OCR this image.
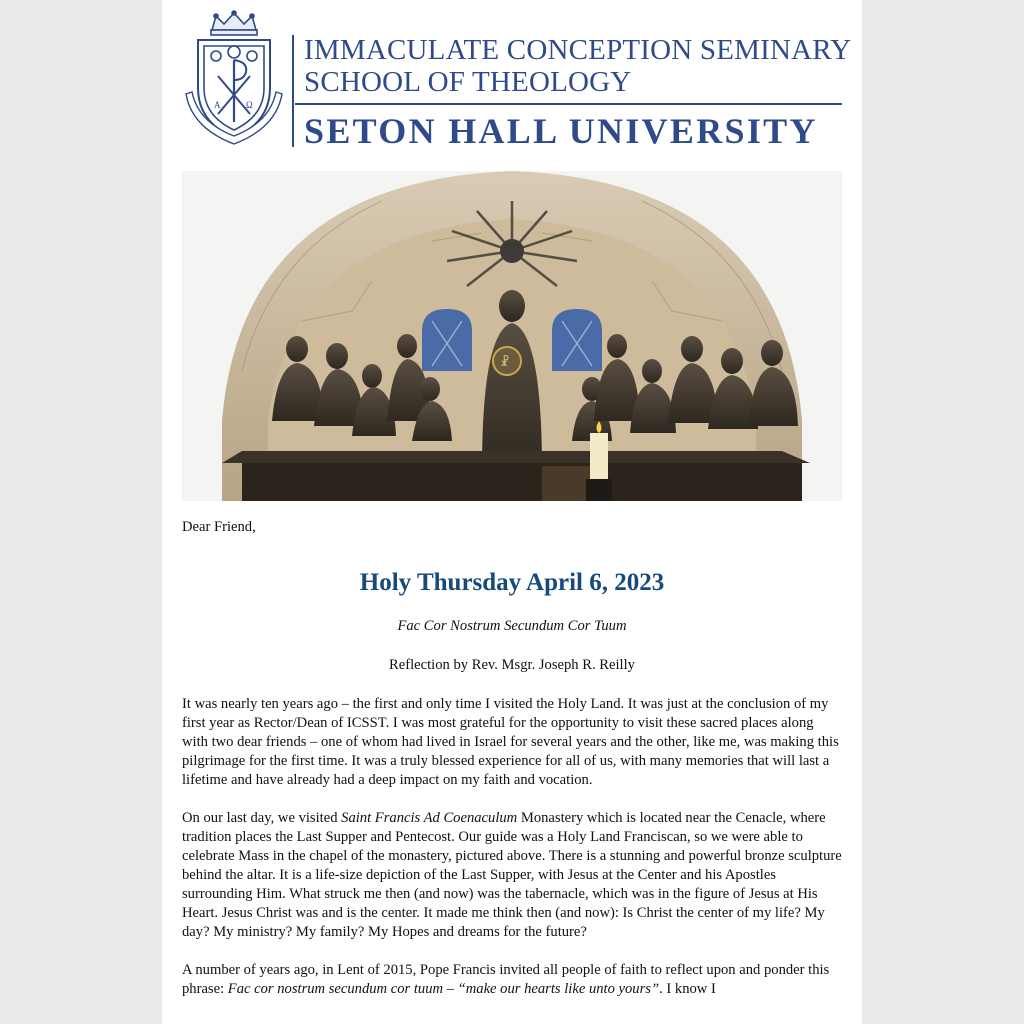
A	Ω
IMMACULATE CONCEPTION SEMINARY
SCHOOL OF THEOLOGY
SETON HALL UNIVERSITY
☧

Dear Friend,

Holy Thursday April 6, 2023

Fac Cor Nostrum Secundum Cor Tuum

Reflection by Rev. Msgr. Joseph R. Reilly

It was nearly ten years ago – the first and only time I visited the Holy Land. It was just at the conclusion of my first year as Rector/Dean of ICSST. I was most grateful for the opportunity to visit these sacred places along with two dear friends – one of whom had lived in Israel for several years and the other, like me, was making this pilgrimage for the first time. It was a truly blessed experience for all of us, with many memories that will last a lifetime and have already had a deep impact on my faith and vocation.

On our last day, we visited Saint Francis Ad Coenaculum Monastery which is located near the Cenacle, where tradition places the Last Supper and Pentecost. Our guide was a Holy Land Franciscan, so we were able to celebrate Mass in the chapel of the monastery, pictured above. There is a stunning and powerful bronze sculpture behind the altar. It is a life-size depiction of the Last Supper, with Jesus at the Center and his Apostles surrounding Him. What struck me then (and now) was the tabernacle, which was in the figure of Jesus at His Heart. Jesus Christ was and is the center. It made me think then (and now): Is Christ the center of my life? My day? My ministry? My family? My Hopes and dreams for the future?

A number of years ago, in Lent of 2015, Pope Francis invited all people of faith to reflect upon and ponder this phrase: Fac cor nostrum secundum cor tuum – “make our hearts like unto yours”. I know I
